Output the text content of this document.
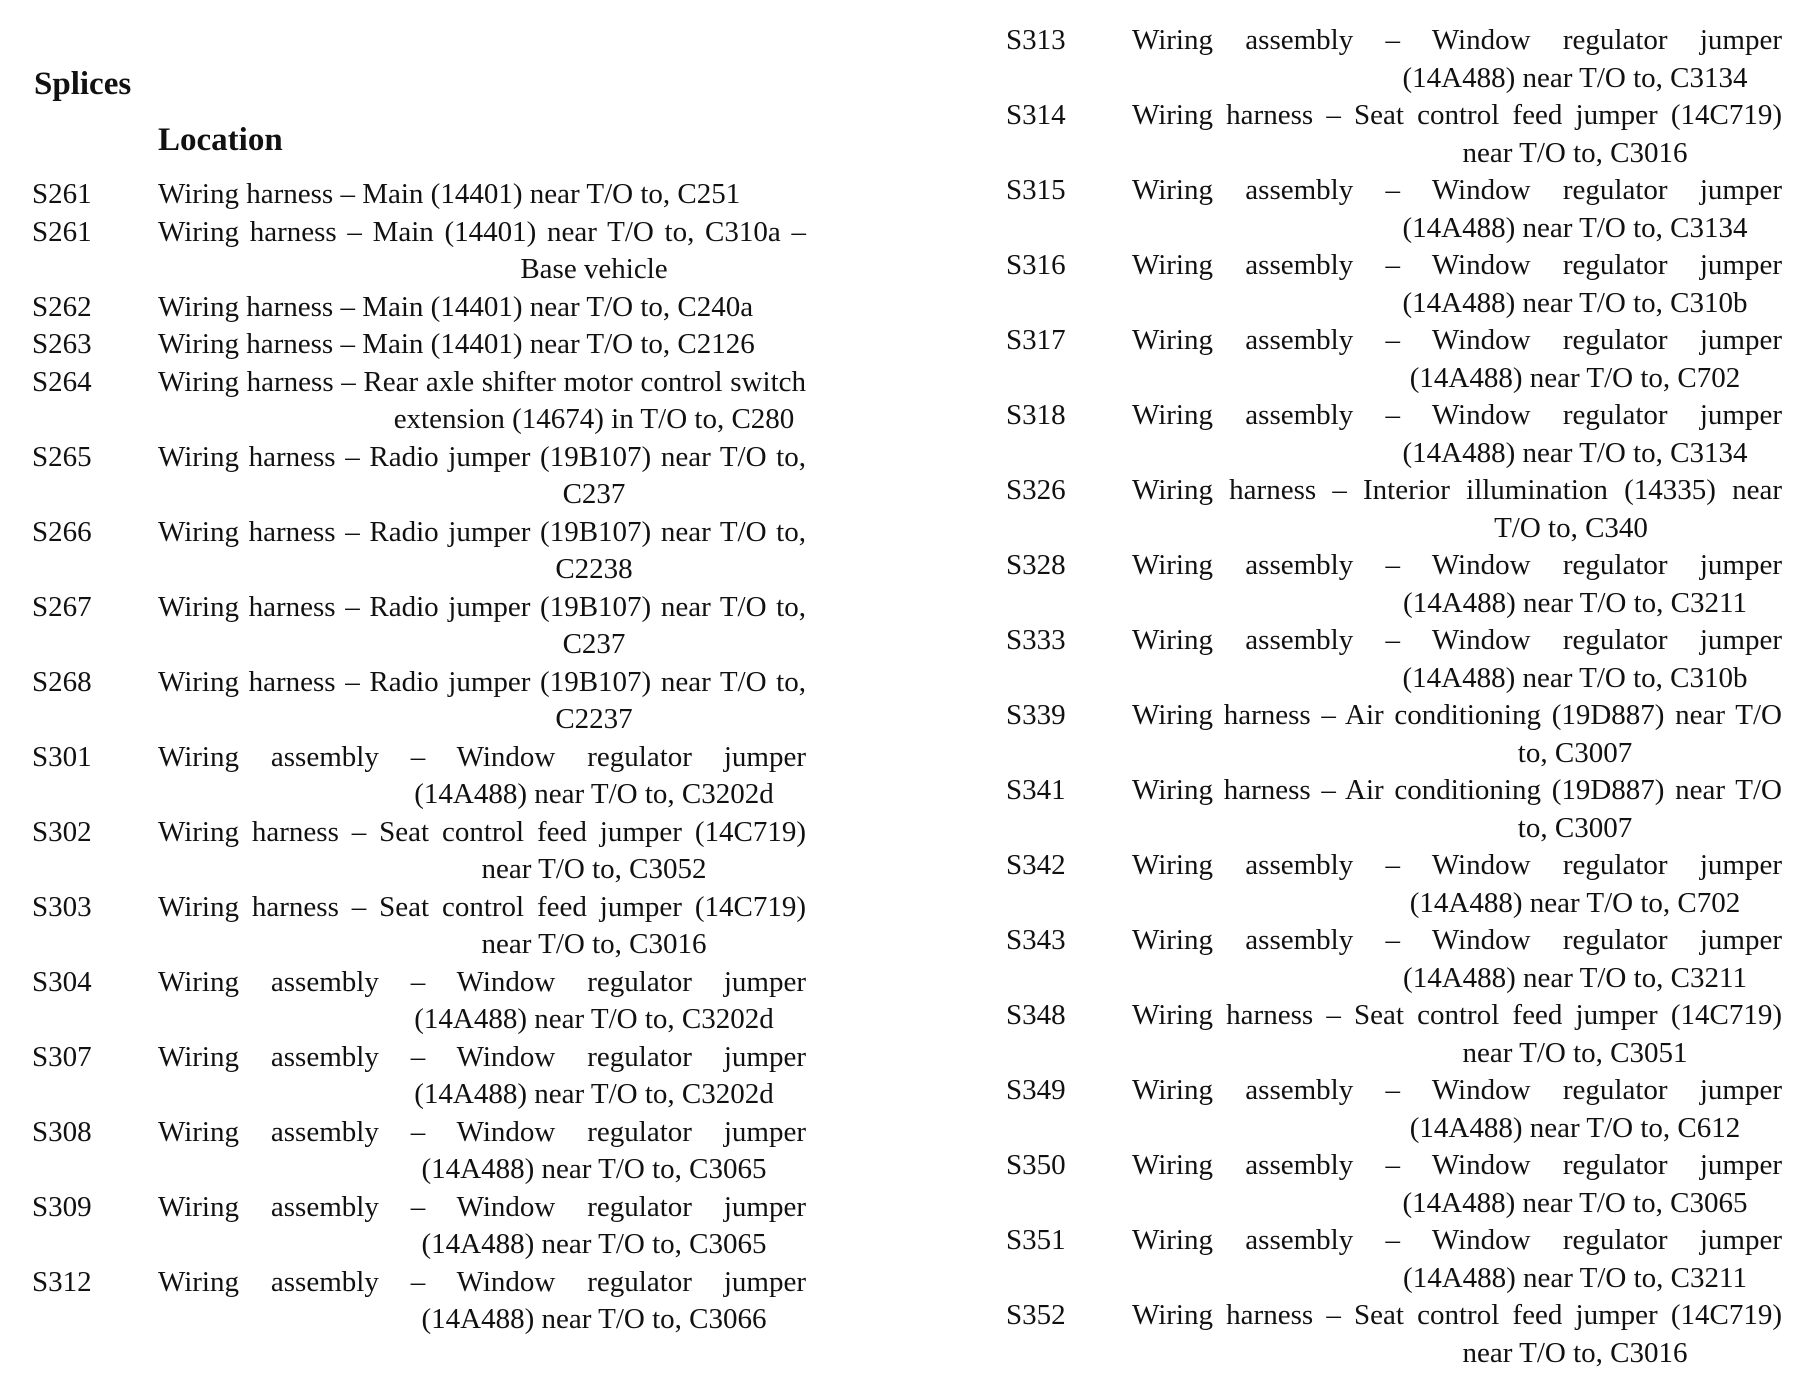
Splices
Location
S261 Wiring harness – Main (14401) near T/O to, C251
S261 Wiring harness – Main (14401) near T/O to, C310a –
Base vehicle
S262 Wiring harness – Main (14401) near T/O to, C240a
S263 Wiring harness – Main (14401) near T/O to, C2126
S264 Wiring harness – Rear axle shifter motor control switch
extension (14674) in T/O to, C280
S265 Wiring harness – Radio jumper (19B107) near T/O to,
C237
S266 Wiring harness – Radio jumper (19B107) near T/O to,
C2238
S267 Wiring harness – Radio jumper (19B107) near T/O to,
C237
S268 Wiring harness – Radio jumper (19B107) near T/O to,
C2237
S301 Wiring assembly – Window regulator jumper
(14A488) near T/O to, C3202d
S302 Wiring harness – Seat control feed jumper (14C719)
near T/O to, C3052
S303 Wiring harness – Seat control feed jumper (14C719)
near T/O to, C3016
S304 Wiring assembly – Window regulator jumper
(14A488) near T/O to, C3202d
S307 Wiring assembly – Window regulator jumper
(14A488) near T/O to, C3202d
S308 Wiring assembly – Window regulator jumper
(14A488) near T/O to, C3065
S309 Wiring assembly – Window regulator jumper
(14A488) near T/O to, C3065
S312 Wiring assembly – Window regulator jumper
(14A488) near T/O to, C3066
S313 Wiring assembly – Window regulator jumper
(14A488) near T/O to, C3134
S314 Wiring harness – Seat control feed jumper (14C719)
near T/O to, C3016
S315 Wiring assembly – Window regulator jumper
(14A488) near T/O to, C3134
S316 Wiring assembly – Window regulator jumper
(14A488) near T/O to, C310b
S317 Wiring assembly – Window regulator jumper
(14A488) near T/O to, C702
S318 Wiring assembly – Window regulator jumper
(14A488) near T/O to, C3134
S326 Wiring harness – Interior illumination (14335) near
T/O to, C340
S328 Wiring assembly – Window regulator jumper
(14A488) near T/O to, C3211
S333 Wiring assembly – Window regulator jumper
(14A488) near T/O to, C310b
S339 Wiring harness – Air conditioning (19D887) near T/O
to, C3007
S341 Wiring harness – Air conditioning (19D887) near T/O
to, C3007
S342 Wiring assembly – Window regulator jumper
(14A488) near T/O to, C702
S343 Wiring assembly – Window regulator jumper
(14A488) near T/O to, C3211
S348 Wiring harness – Seat control feed jumper (14C719)
near T/O to, C3051
S349 Wiring assembly – Window regulator jumper
(14A488) near T/O to, C612
S350 Wiring assembly – Window regulator jumper
(14A488) near T/O to, C3065
S351 Wiring assembly – Window regulator jumper
(14A488) near T/O to, C3211
S352 Wiring harness – Seat control feed jumper (14C719)
near T/O to, C3016
